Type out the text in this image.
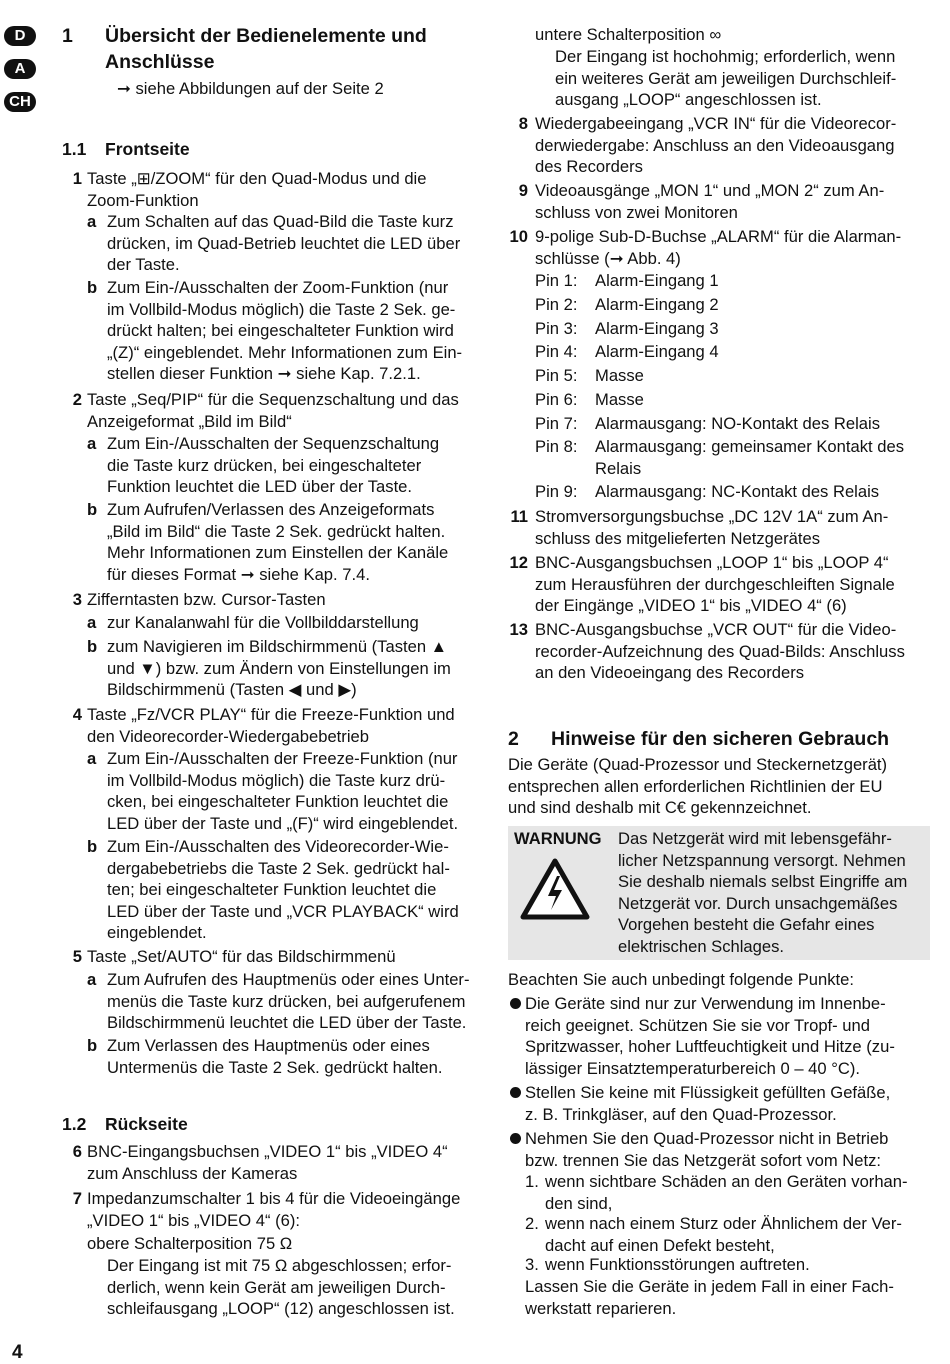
D
A
CH
1 Übersicht der Bedienelemente und
Anschlüsse
➞ siehe Abbildungen auf der Seite 2
1.1 Frontseite
1 Taste „⊞/ZOOM“ für den Quad-Modus und die
Zoom-Funktion
a Zum Schalten auf das Quad-Bild die Taste kurz
drücken, im Quad-Betrieb leuchtet die LED über
der Taste.
b Zum Ein-/Ausschalten der Zoom-Funktion (nur
im Vollbild-Modus möglich) die Taste 2 Sek. ge-
drückt halten; bei eingeschalteter Funktion wird
„(Z)“ eingeblendet. Mehr Informationen zum Ein-
stellen dieser Funktion ➞ siehe Kap. 7.2.1.
2 Taste „Seq/PIP“ für die Sequenzschaltung und das
Anzeigeformat „Bild im Bild“
a Zum Ein-/Ausschalten der Sequenzschaltung
die Taste kurz drücken, bei eingeschalteter
Funktion leuchtet die LED über der Taste.
b Zum Aufrufen/Verlassen des Anzeigeformats
„Bild im Bild“ die Taste 2 Sek. gedrückt halten.
Mehr Informationen zum Einstellen der Kanäle
für dieses Format ➞ siehe Kap. 7.4.
3 Zifferntasten bzw. Cursor-Tasten
a zur Kanalanwahl für die Vollbilddarstellung
b zum Navigieren im Bildschirmmenü (Tasten ▲
und ▼) bzw. zum Ändern von Einstellungen im
Bildschirmmenü (Tasten ◀ und ▶)
4 Taste „Fz/VCR PLAY“ für die Freeze-Funktion und
den Videorecorder-Wiedergabebetrieb
a Zum Ein-/Ausschalten der Freeze-Funktion (nur
im Vollbild-Modus möglich) die Taste kurz drü-
cken, bei eingeschalteter Funktion leuchtet die
LED über der Taste und „(F)“ wird eingeblendet.
b Zum Ein-/Ausschalten des Videorecorder-Wie-
dergabebetriebs die Taste 2 Sek. gedrückt hal-
ten; bei eingeschalteter Funktion leuchtet die
LED über der Taste und „VCR PLAYBACK“ wird
eingeblendet.
5 Taste „Set/AUTO“ für das Bildschirmmenü
a Zum Aufrufen des Hauptmenüs oder eines Unter-
menüs die Taste kurz drücken, bei aufgerufenem
Bildschirmmenü leuchtet die LED über der Taste.
b Zum Verlassen des Hauptmenüs oder eines
Untermenüs die Taste 2 Sek. gedrückt halten.
1.2 Rückseite
6 BNC-Eingangsbuchsen „VIDEO 1“ bis „VIDEO 4“
zum Anschluss der Kameras
7 Impedanzumschalter 1 bis 4 für die Videoeingänge
„VIDEO 1“ bis „VIDEO 4“ (6):
obere Schalterposition 75 Ω
Der Eingang ist mit 75 Ω abgeschlossen; erfor-
derlich, wenn kein Gerät am jeweiligen Durch-
schleifausgang „LOOP“ (12) angeschlossen ist.
untere Schalterposition ∞
Der Eingang ist hochohmig; erforderlich, wenn
ein weiteres Gerät am jeweiligen Durchschleif-
ausgang „LOOP“ angeschlossen ist.
8 Wiedergabeeingang „VCR IN“ für die Videorecor-
derwiedergabe: Anschluss an den Videoausgang
des Recorders
9 Videoausgänge „MON 1“ und „MON 2“ zum An-
schluss von zwei Monitoren
10 9-polige Sub-D-Buchse „ALARM“ für die Alarman-
schlüsse (➞ Abb. 4)
Pin 1: Alarm-Eingang 1
Pin 2: Alarm-Eingang 2
Pin 3: Alarm-Eingang 3
Pin 4: Alarm-Eingang 4
Pin 5: Masse
Pin 6: Masse
Pin 7: Alarmausgang: NO-Kontakt des Relais
Pin 8: Alarmausgang: gemeinsamer Kontakt des
Relais
Pin 9: Alarmausgang: NC-Kontakt des Relais
11 Stromversorgungsbuchse „DC 12V 1A“ zum An-
schluss des mitgelieferten Netzgerätes
12 BNC-Ausgangsbuchsen „LOOP 1“ bis „LOOP 4“
zum Herausführen der durchgeschleiften Signale
der Eingänge „VIDEO 1“ bis „VIDEO 4“ (6)
13 BNC-Ausgangsbuchse „VCR OUT“ für die Video-
recorder-Aufzeichnung des Quad-Bilds: Anschluss
an den Videoeingang des Recorders
2 Hinweise für den sicheren Gebrauch
Die Geräte (Quad-Prozessor und Steckernetzgerät)
entsprechen allen erforderlichen Richtlinien der EU
und sind deshalb mit C€ gekennzeichnet.
WARNUNG Das Netzgerät wird mit lebensgefähr-
licher Netzspannung versorgt. Nehmen
Sie deshalb niemals selbst Eingriffe am
Netzgerät vor. Durch unsachgemäßes
Vorgehen besteht die Gefahr eines
elektrischen Schlages.
Beachten Sie auch unbedingt folgende Punkte:
Die Geräte sind nur zur Verwendung im Innenbe-
reich geeignet. Schützen Sie sie vor Tropf- und
Spritzwasser, hoher Luftfeuchtigkeit und Hitze (zu-
lässiger Einsatztemperaturbereich 0 – 40 °C).
Stellen Sie keine mit Flüssigkeit gefüllten Gefäße,
z. B. Trinkgläser, auf den Quad-Prozessor.
Nehmen Sie den Quad-Prozessor nicht in Betrieb
bzw. trennen Sie das Netzgerät sofort vom Netz:
1. wenn sichtbare Schäden an den Geräten vorhan-
den sind,
2. wenn nach einem Sturz oder Ähnlichem der Ver-
dacht auf einen Defekt besteht,
3. wenn Funktionsstörungen auftreten.
Lassen Sie die Geräte in jedem Fall in einer Fach-
werkstatt reparieren.
4
